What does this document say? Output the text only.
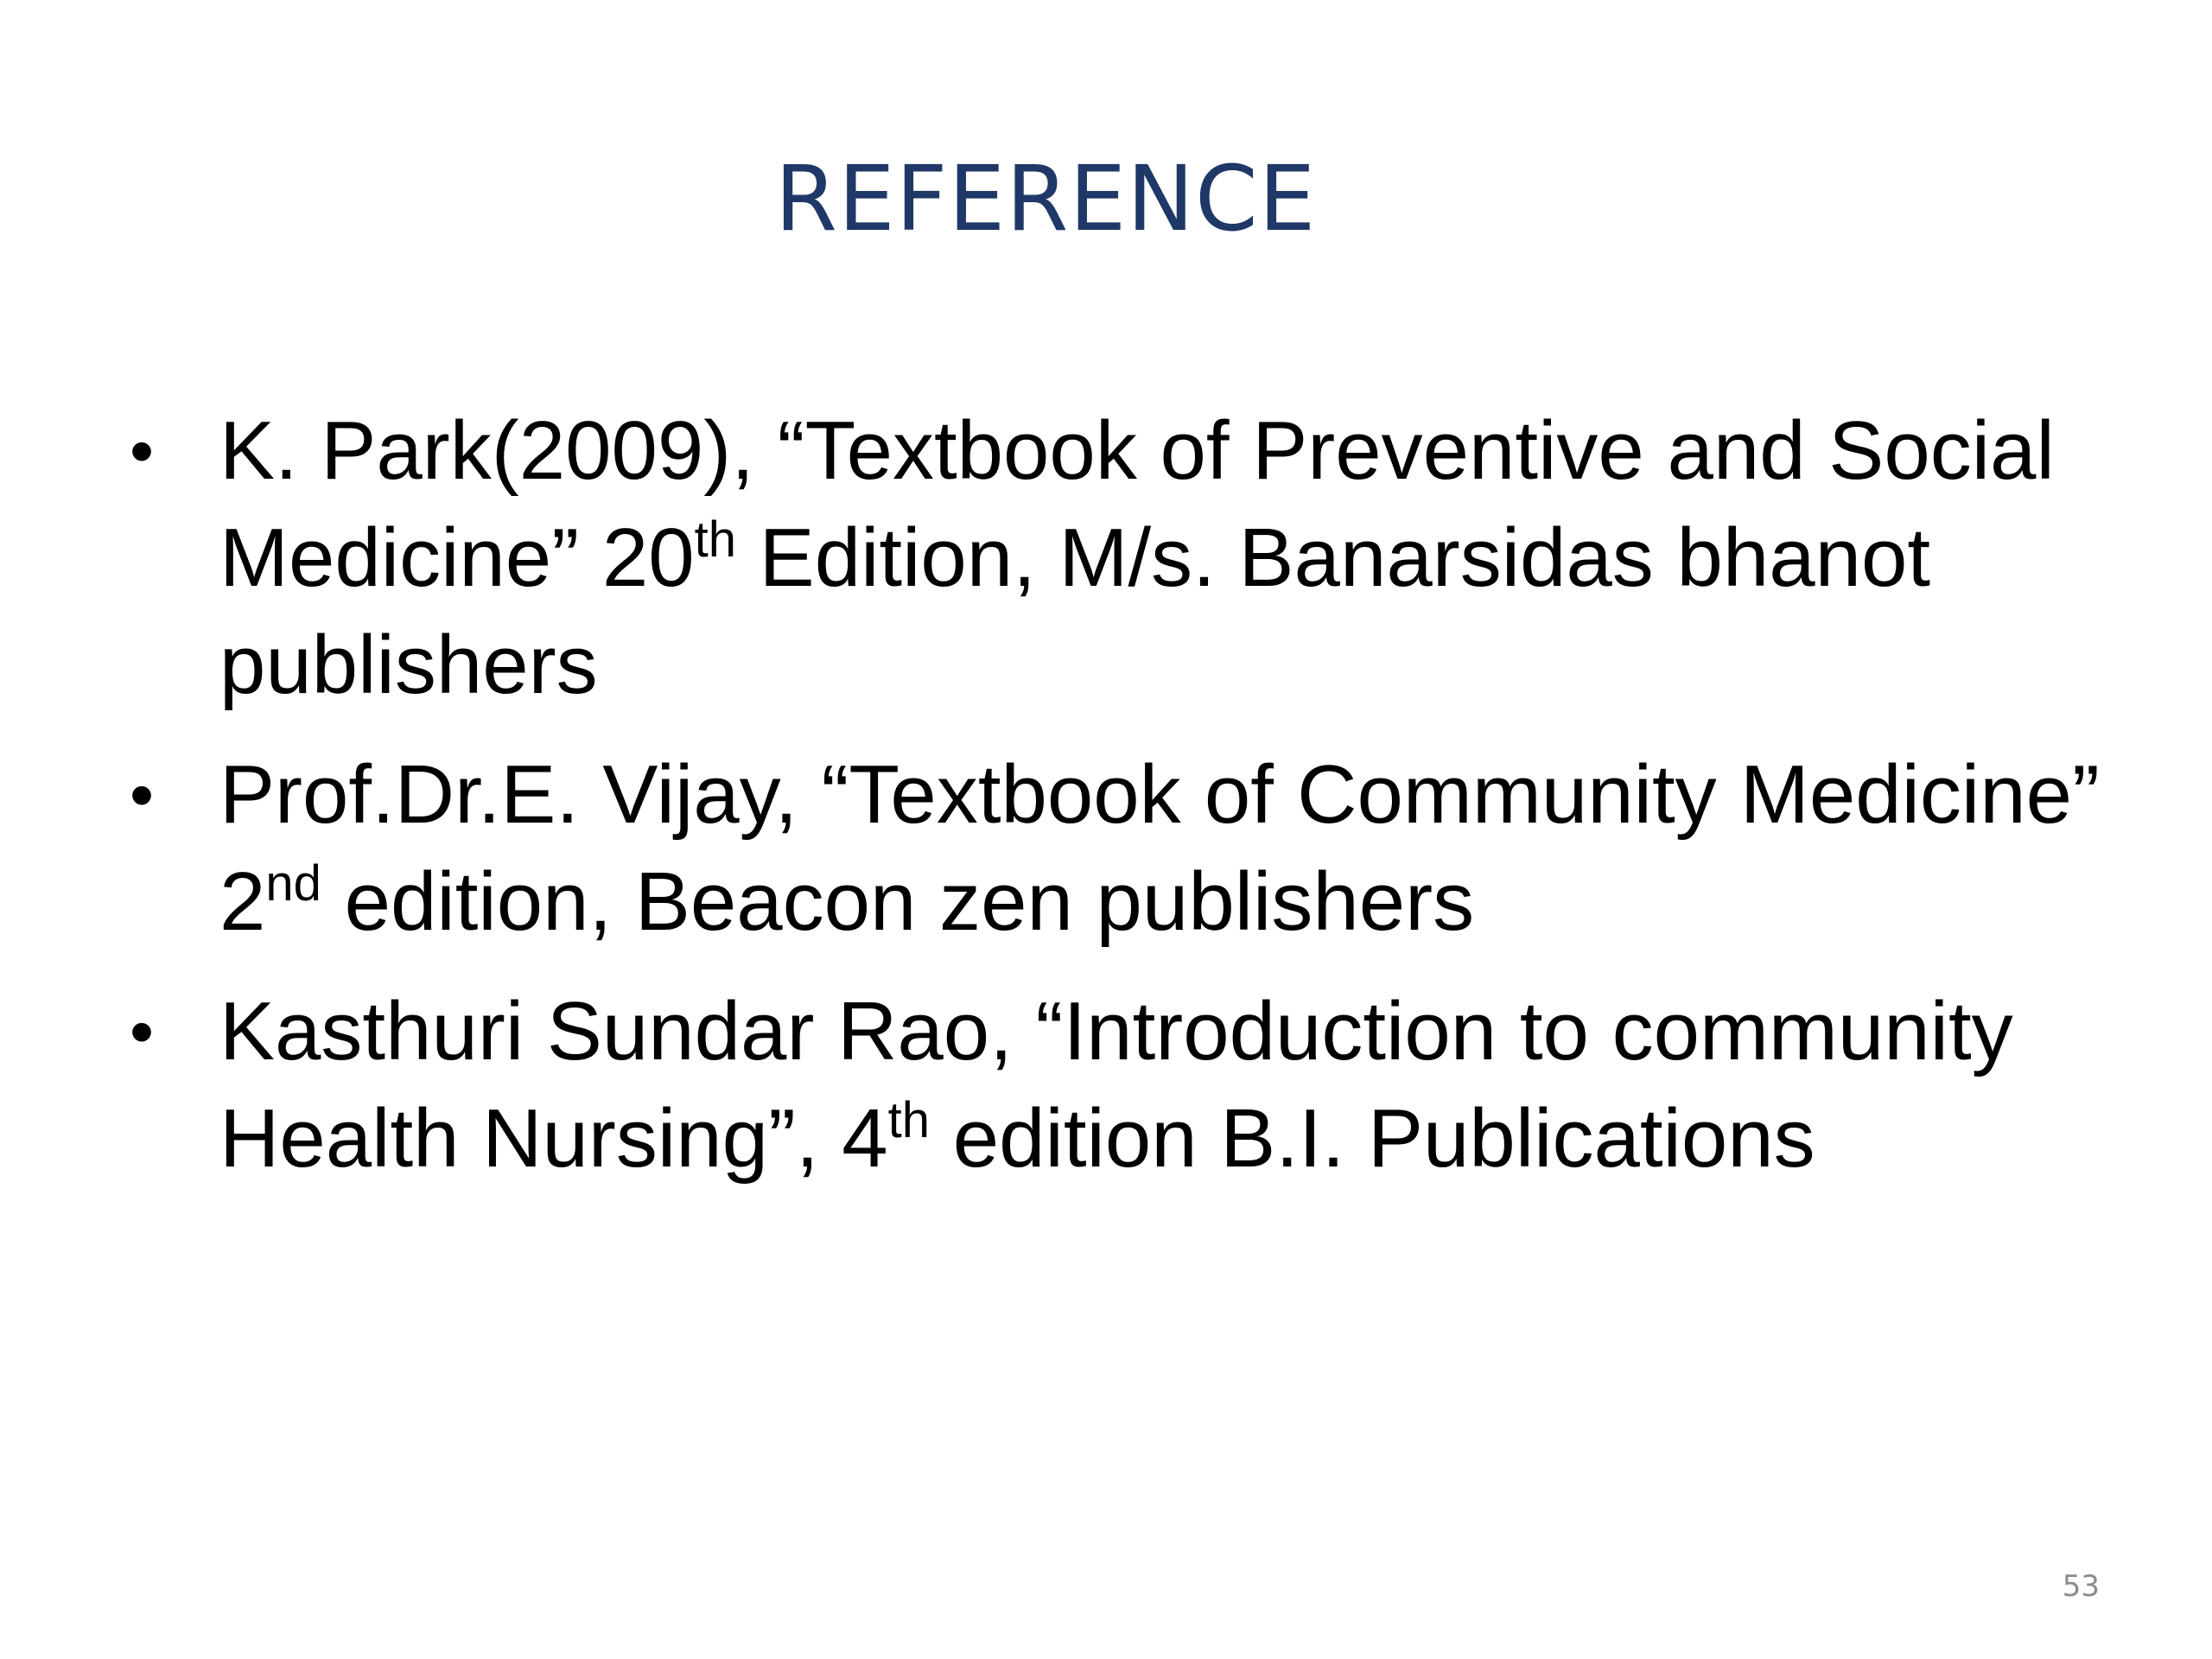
REFERENCE
• K. Park(2009), “Textbook of Preventive and Social Medicine” 20th Edition, M/s. Banarsidas bhanot publishers
• Prof.Dr.E. Vijay, “Textbook of Community Medicine” 2nd edition, Beacon zen publishers
• Kasthuri Sundar Rao, “Introduction to community Health Nursing”, 4th edition B.I. Publications
53
